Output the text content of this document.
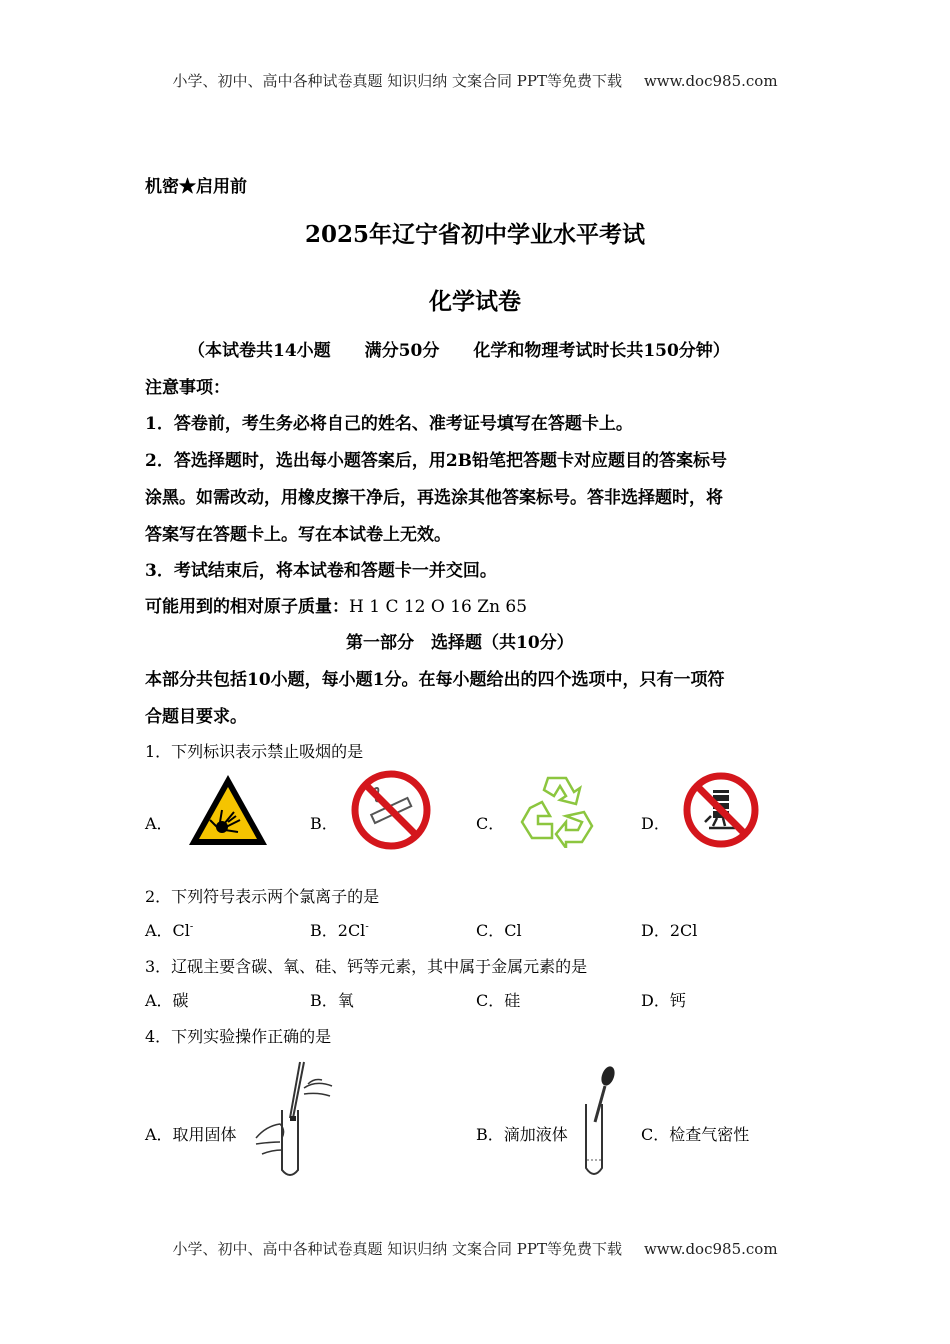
小学、初中、高中各种试卷真题 知识归纳 文案合同 PPT等免费下载 www.doc985.com
机密★启用前
2025年辽宁省初中学业水平考试
化学试卷
（本试卷共14小题　　满分50分　　化学和物理考试时长共150分钟）
注意事项：
1．答卷前，考生务必将自己的姓名、准考证号填写在答题卡上。
2．答选择题时，选出每小题答案后，用2B铅笔把答题卡对应题目的答案标号
涂黑。如需改动，用橡皮擦干净后，再选涂其他答案标号。答非选择题时，将
答案写在答题卡上。写在本试卷上无效。
3．考试结束后，将本试卷和答题卡一并交回。
可能用到的相对原子质量：H 1 C 12 O 16 Zn 65
第一部分　选择题（共10分）
本部分共包括10小题，每小题1分。在每小题给出的四个选项中，只有一项符
合题目要求。
1．下列标识表示禁止吸烟的是
A．	B．	C．	D．
2．下列符号表示两个氯离子的是
A．Cl-	B．2Cl-	C．Cl	D．2Cl
3．辽砚主要含碳、氧、硅、钙等元素，其中属于金属元素的是
A．碳	B．氧	C．硅	D．钙
4．下列实验操作正确的是
A．取用固体	B．滴加液体	C．检查气密性
小学、初中、高中各种试卷真题 知识归纳 文案合同 PPT等免费下载 www.doc985.com
